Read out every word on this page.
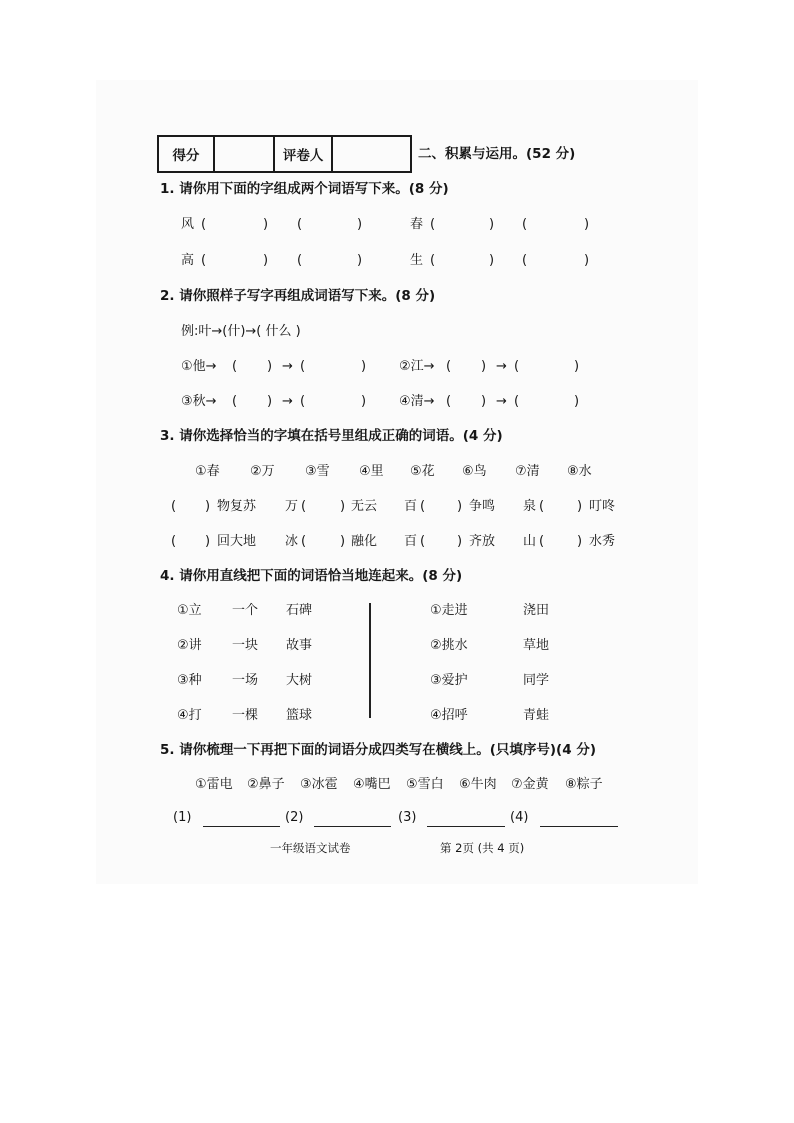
得分		评卷人		二、积累与运用。(52 分)
1. 请你用下面的字组成两个词语写下来。(8 分)
风 (	) (	)	春 (	) (	)
高 (	) (	)	生 (	) (	)
2. 请你照样子写字再组成词语写下来。(8 分)
例:叶→(什)→( 什么 )
①他→ ( ) → (	)	②江→ ( ) → (	)
③秋→ ( ) → (	)	④清→ ( ) → (	)
3. 请你选择恰当的字填在括号里组成正确的词语。(4 分)
①春 ②万 ③雪 ④里 ⑤花 ⑥鸟 ⑦清 ⑧水
( ) 物复苏 万 (	) 无云 百 ( ) 争鸣 泉 (	) 叮咚
( ) 回大地 冰 (	) 融化 百 ( ) 齐放 山 (	) 水秀
4. 请你用直线把下面的词语恰当地连起来。(8 分)
①立 一个 石碑
②讲 一块 故事
③种 一场 大树
④打 一棵 篮球
①走进	浇田
②挑水	草地
③爱护	同学
④招呼	青蛙
5. 请你梳理一下再把下面的词语分成四类写在横线上。(只填序号)(4 分)
①雷电 ②鼻子 ③冰雹 ④嘴巴 ⑤雪白 ⑥牛肉 ⑦金黄 ⑧粽子
(1)	(2)	(3)	(4)
一年级语文试卷	第 2页 (共 4 页)
